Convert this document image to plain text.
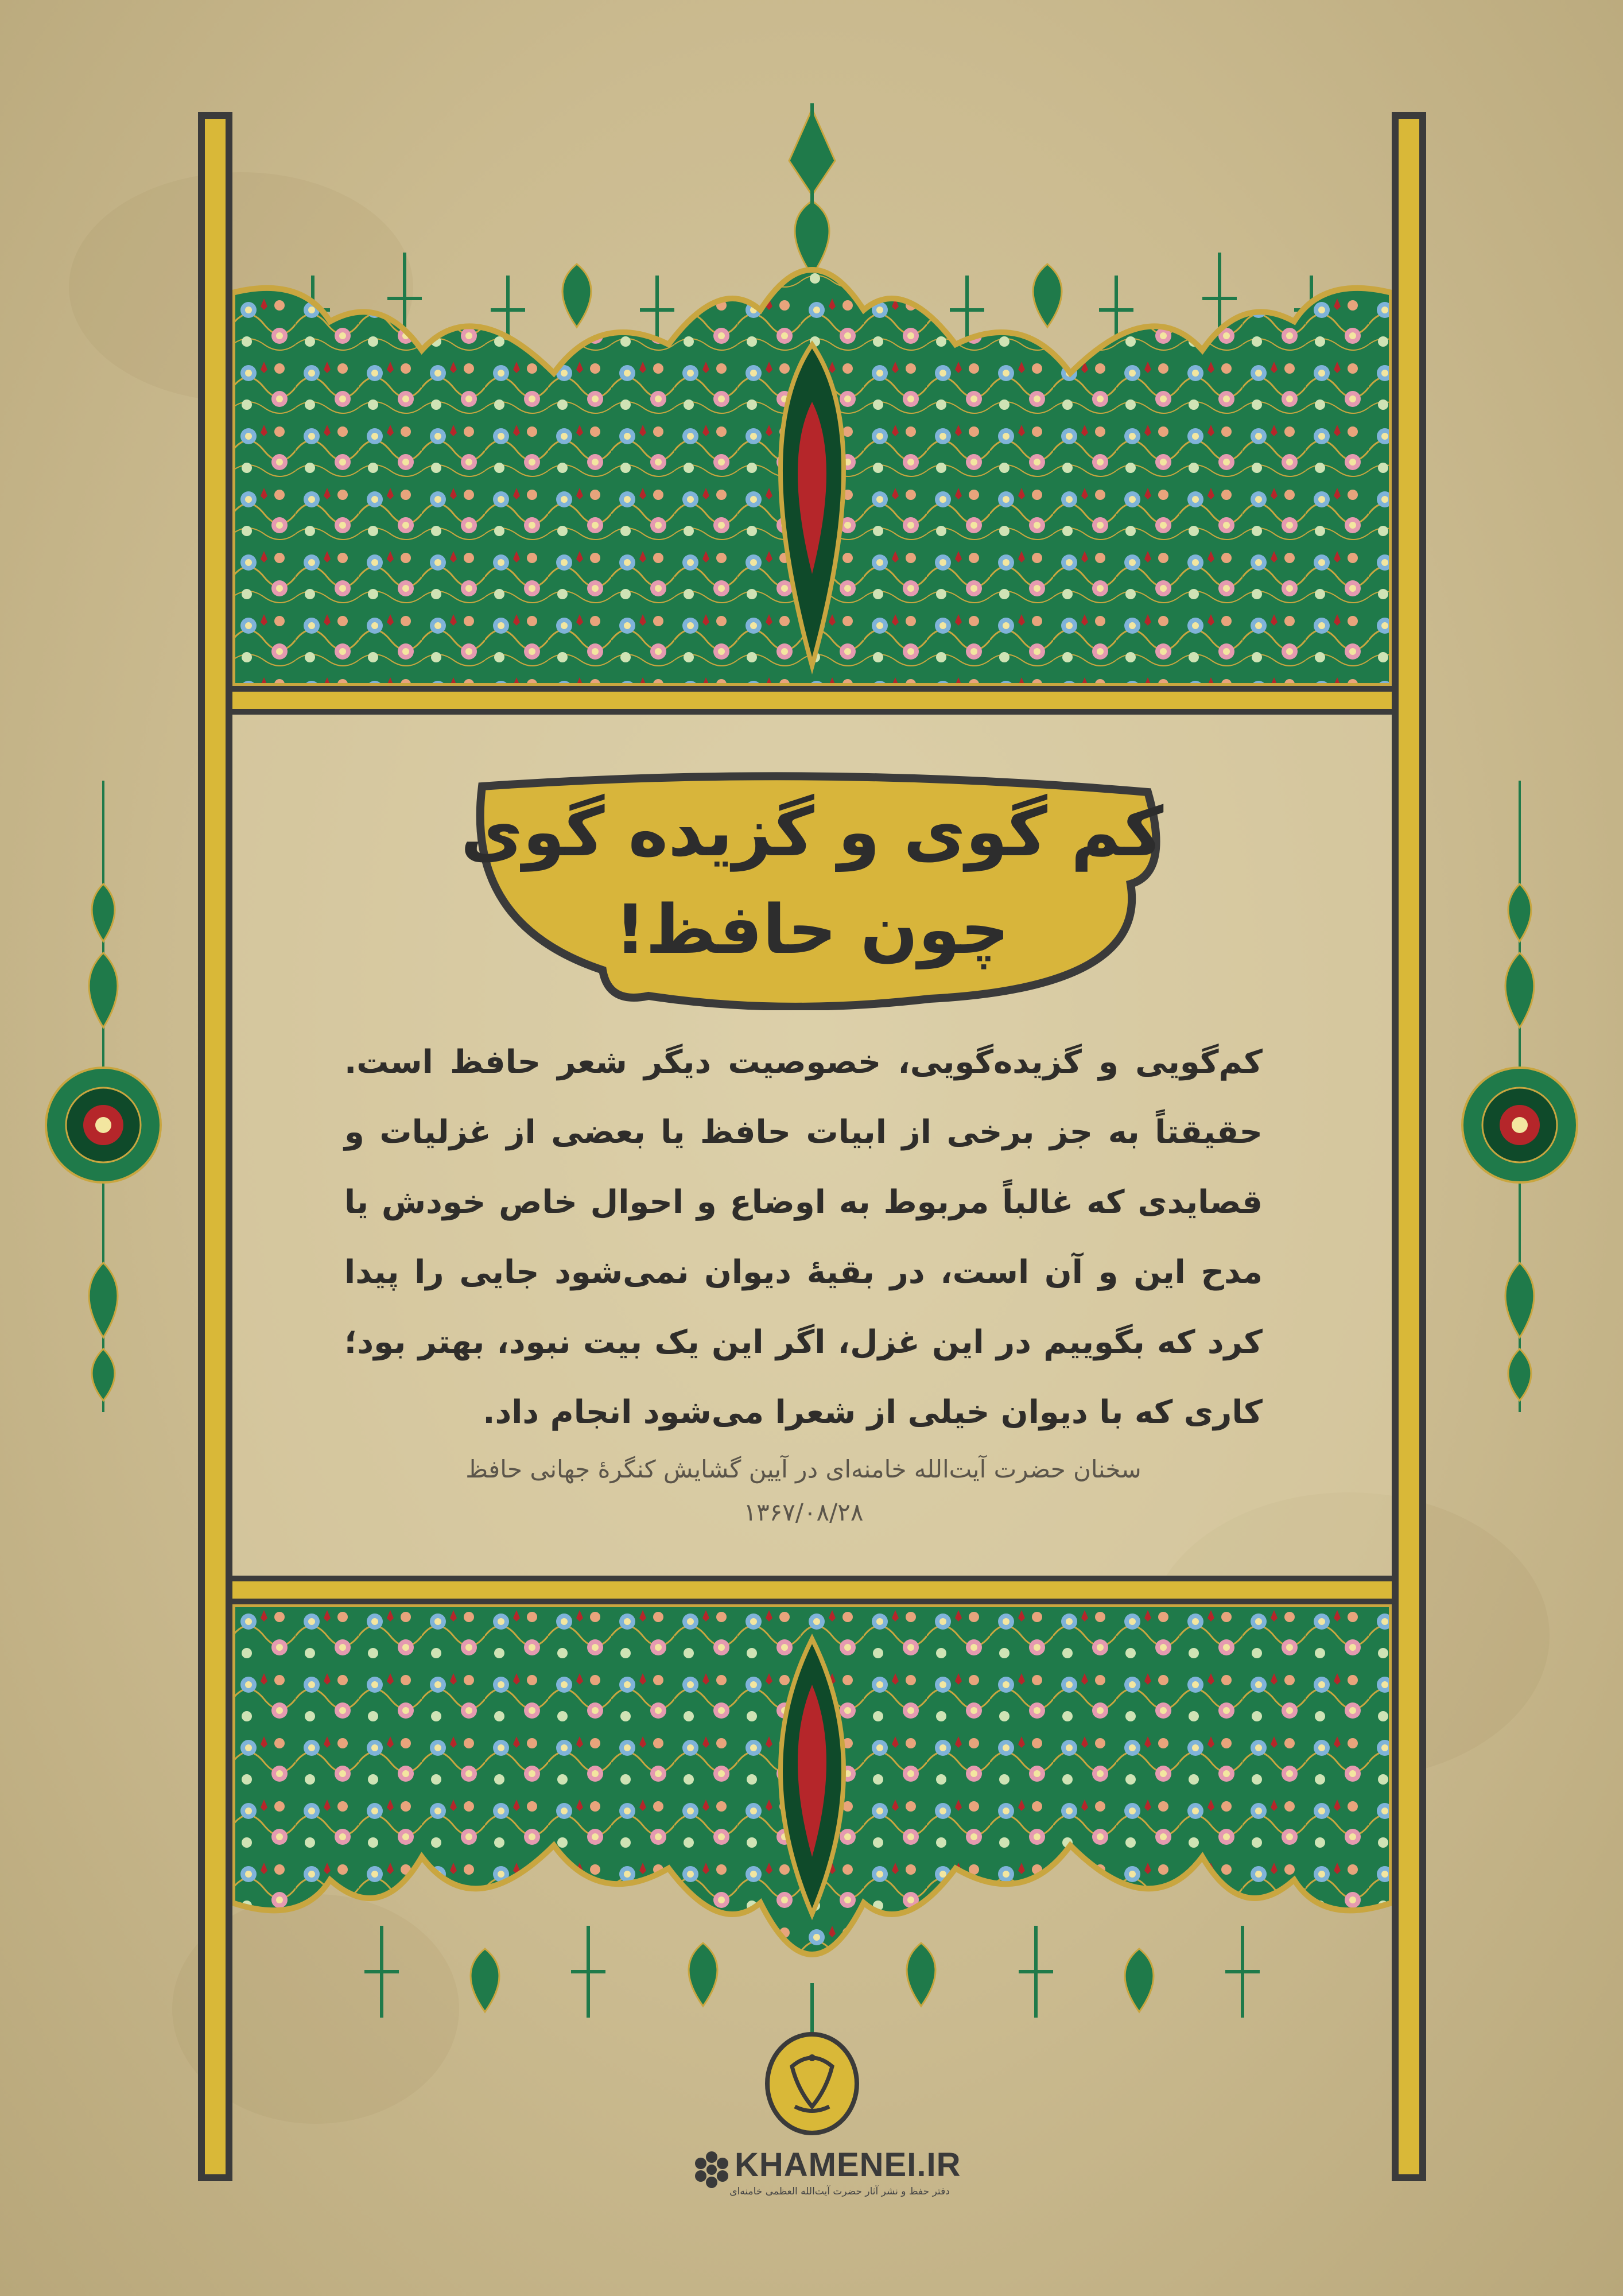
کم گوی و گزیده گوی
چون حافظ!
کم‌گویی و گزیده‌گویی، خصوصیت دیگر شعر حافظ است.
حقیقتاً به جز برخی از ابیات حافظ یا بعضی از غزلیات و
قصایدی که غالباً مربوط به اوضاع و احوال خاص خودش یا
مدح این و آن است، در بقیهٔ دیوان نمی‌شود جایی را پیدا
کرد که بگوییم در این غزل، اگر این یک بیت نبود، بهتر بود؛
کاری که با دیوان خیلی از شعرا می‌شود انجام داد.
سخنان حضرت آیت‌الله خامنه‌ای در آیین گشایش کنگرهٔ جهانی حافظ
۱۳۶۷/۰۸/۲۸
KHAMENEI.IR
دفتر حفظ و نشر آثار حضرت آیت‌الله العظمی خامنه‌ای
